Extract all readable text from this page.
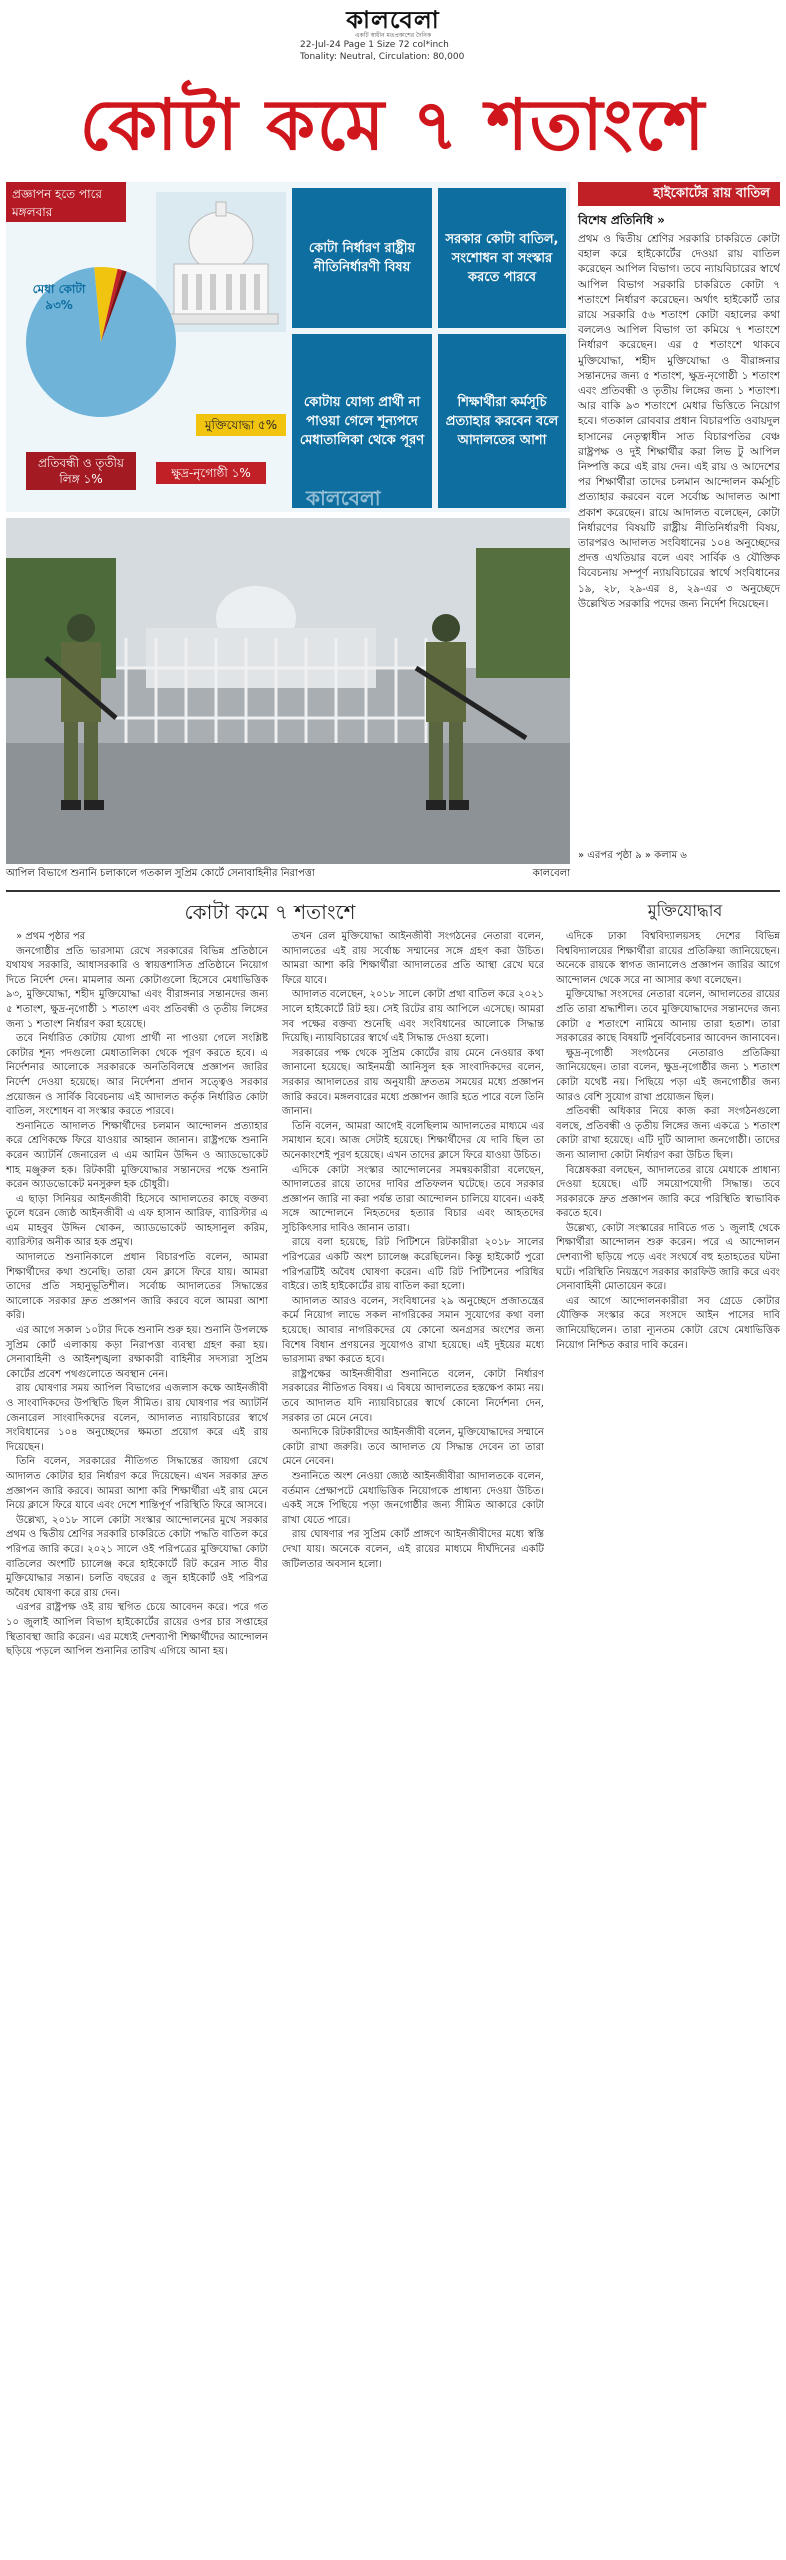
কালবেলা
একটি স্বাধীন মতপ্রকাশের দৈনিক
22-Jul-24 Page 1 Size 72 col*inch
Tonality: Neutral, Circulation: 80,000
কোটা কমে ৭ শতাংশে
প্রজ্ঞাপন হতে পারে মঙ্গলবার
কোটা নির্ধারণ রাষ্ট্রীয় নীতিনির্ধারণী বিষয়
সরকার কোটা বাতিল, সংশোধন বা সংস্কার করতে পারবে
কোটায় যোগ্য প্রার্থী না পাওয়া গেলে শূন্যপদে মেধাতালিকা থেকে পূরণ
শিক্ষার্থীরা কর্মসূচি প্রত্যাহার করবেন বলে আদালতের আশা
মেধা কোটা ৯৩%
মুক্তিযোদ্ধা ৫%
প্রতিবন্ধী ও তৃতীয় লিঙ্গ ১%	ক্ষুদ্র-নৃগোষ্ঠী ১%
কালবেলা
হাইকোর্টের রায় বাতিল
বিশেষ প্রতিনিধি »
প্রথম ও দ্বিতীয় শ্রেণির সরকারি চাকরিতে কোটা বহাল করে হাইকোর্টের দেওয়া রায় বাতিল করেছেন আপিল বিভাগ। তবে ন্যায়বিচারের স্বার্থে আপিল বিভাগ সরকারি চাকরিতে কোটা ৭ শতাংশে নির্ধারণ করেছেন। অর্থাৎ হাইকোর্ট তার রায়ে সরকারি ৫৬ শতাংশ কোটা বহালের কথা বললেও আপিল বিভাগ তা কমিয়ে ৭ শতাংশে নির্ধারণ করেছেন। এর ৫ শতাংশে থাকবে মুক্তিযোদ্ধা, শহীদ মুক্তিযোদ্ধা ও বীরাঙ্গনার সন্তানদের জন্য ৫ শতাংশ, ক্ষুদ্র-নৃগোষ্ঠী ১ শতাংশ এবং প্রতিবন্ধী ও তৃতীয় লিঙ্গের জন্য ১ শতাংশ। আর বাকি ৯৩ শতাংশে মেধার ভিত্তিতে নিয়োগ হবে। গতকাল রোববার প্রধান বিচারপতি ওবায়দুল হাসানের নেতৃত্বাধীন সাত বিচারপতির বেঞ্চ রাষ্ট্রপক্ষ ও দুই শিক্ষার্থীর করা লিভ টু আপিল নিষ্পত্তি করে এই রায় দেন। এই রায় ও আদেশের পর শিক্ষার্থীরা তাদের চলমান আন্দোলন কর্মসূচি প্রত্যাহার করবেন বলে সর্বোচ্চ আদালত আশা প্রকাশ করেছেন। রায়ে আদালত বলেছেন, কোটা নির্ধারণের বিষয়টি রাষ্ট্রীয় নীতিনির্ধারণী বিষয়, তারপরও আদালত সংবিধানের ১০৪ অনুচ্ছেদের প্রদত্ত এখতিয়ার বলে এবং সার্বিক ও যৌক্তিক বিবেচনায় সম্পূর্ণ ন্যায়বিচারের স্বার্থে সংবিধানের ১৯, ২৮, ২৯-এর ৪, ২৯-এর ৩ অনুচ্ছেদে উল্লেখিত সরকারি পদের জন্য নির্দেশ দিয়েছেন।
» এরপর পৃষ্ঠা ৯ » কলাম ৬
আপিল বিভাগে শুনানি চলাকালে গতকাল সুপ্রিম কোর্টে সেনাবাহিনীর নিরাপত্তা	কালবেলা
কোটা কমে ৭ শতাংশে	মুক্তিযোদ্ধাব

» প্রথম পৃষ্ঠার পর

জনগোষ্ঠীর প্রতি ভারসাম্য রেখে সরকারের বিভিন্ন প্রতিষ্ঠানে যথাযথ সরকারি, আধাসরকারি ও স্বায়ত্তশাসিত প্রতিষ্ঠানে নিয়োগ দিতে নির্দেশ দেন। মামলার অন্য কোটাগুলো হিসেবে মেধাভিত্তিক ৯৩, মুক্তিযোদ্ধা, শহীদ মুক্তিযোদ্ধা এবং বীরাঙ্গনার সন্তানদের জন্য ৫ শতাংশ, ক্ষুদ্র-নৃগোষ্ঠী ১ শতাংশ এবং প্রতিবন্ধী ও তৃতীয় লিঙ্গের জন্য ১ শতাংশ নির্ধারণ করা হয়েছে।

তবে নির্ধারিত কোটায় যোগ্য প্রার্থী না পাওয়া গেলে সংশ্লিষ্ট কোটার শূন্য পদগুলো মেধাতালিকা থেকে পূরণ করতে হবে। এ নির্দেশনার আলোকে সরকারকে অনতিবিলম্বে প্রজ্ঞাপন জারির নির্দেশ দেওয়া হয়েছে। আর নির্দেশনা প্রদান সত্ত্বেও সরকার প্রয়োজন ও সার্বিক বিবেচনায় এই আদালত কর্তৃক নির্ধারিত কোটা বাতিল, সংশোধন বা সংস্কার করতে পারবে।

শুনানিতে আদালত শিক্ষার্থীদের চলমান আন্দোলন প্রত্যাহার করে শ্রেণিকক্ষে ফিরে যাওয়ার আহ্বান জানান। রাষ্ট্রপক্ষে শুনানি করেন অ্যাটর্নি জেনারেল এ এম আমিন উদ্দিন ও অ্যাডভোকেট শাহ মঞ্জুরুল হক। রিটকারী মুক্তিযোদ্ধার সন্তানদের পক্ষে শুনানি করেন অ্যাডভোকেট মনসুরুল হক চৌধুরী।

এ ছাড়া সিনিয়র আইনজীবী হিসেবে আদালতের কাছে বক্তব্য তুলে ধরেন জ্যেষ্ঠ আইনজীবী এ এফ হাসান আরিফ, ব্যারিস্টার এ এম মাহবুব উদ্দিন খোকন, অ্যাডভোকেট আহসানুল করিম, ব্যারিস্টার অনীক আর হক প্রমুখ।

আদালতে শুনানিকালে প্রধান বিচারপতি বলেন, আমরা শিক্ষার্থীদের কথা শুনেছি। তারা যেন ক্লাসে ফিরে যায়। আমরা তাদের প্রতি সহানুভূতিশীল। সর্বোচ্চ আদালতের সিদ্ধান্তের আলোকে সরকার দ্রুত প্রজ্ঞাপন জারি করবে বলে আমরা আশা করি।

এর আগে সকাল ১০টার দিকে শুনানি শুরু হয়। শুনানি উপলক্ষে সুপ্রিম কোর্ট এলাকায় কড়া নিরাপত্তা ব্যবস্থা গ্রহণ করা হয়। সেনাবাহিনী ও আইনশৃঙ্খলা রক্ষাকারী বাহিনীর সদস্যরা সুপ্রিম কোর্টের প্রবেশ পথগুলোতে অবস্থান নেন।

রায় ঘোষণার সময় আপিল বিভাগের এজলাস কক্ষে আইনজীবী ও সাংবাদিকদের উপস্থিতি ছিল সীমিত। রায় ঘোষণার পর অ্যাটর্নি জেনারেল সাংবাদিকদের বলেন, আদালত ন্যায়বিচারের স্বার্থে সংবিধানের ১০৪ অনুচ্ছেদের ক্ষমতা প্রয়োগ করে এই রায় দিয়েছেন।

তিনি বলেন, সরকারের নীতিগত সিদ্ধান্তের জায়গা রেখে আদালত কোটার হার নির্ধারণ করে দিয়েছেন। এখন সরকার দ্রুত প্রজ্ঞাপন জারি করবে। আমরা আশা করি শিক্ষার্থীরা এই রায় মেনে নিয়ে ক্লাসে ফিরে যাবে এবং দেশে শান্তিপূর্ণ পরিস্থিতি ফিরে আসবে।

উল্লেখ্য, ২০১৮ সালে কোটা সংস্কার আন্দোলনের মুখে সরকার প্রথম ও দ্বিতীয় শ্রেণির সরকারি চাকরিতে কোটা পদ্ধতি বাতিল করে পরিপত্র জারি করে। ২০২১ সালে ওই পরিপত্রের মুক্তিযোদ্ধা কোটা বাতিলের অংশটি চ্যালেঞ্জ করে হাইকোর্টে রিট করেন সাত বীর মুক্তিযোদ্ধার সন্তান। চলতি বছরের ৫ জুন হাইকোর্ট ওই পরিপত্র অবৈধ ঘোষণা করে রায় দেন।

এরপর রাষ্ট্রপক্ষ ওই রায় স্থগিত চেয়ে আবেদন করে। পরে গত ১০ জুলাই আপিল বিভাগ হাইকোর্টের রায়ের ওপর চার সপ্তাহের স্থিতাবস্থা জারি করেন। এর মধ্যেই দেশব্যাপী শিক্ষার্থীদের আন্দোলন ছড়িয়ে পড়লে আপিল শুনানির তারিখ এগিয়ে আনা হয়।

তখন রেল মুক্তিযোদ্ধা আইনজীবী সংগঠনের নেতারা বলেন, আদালতের এই রায় সর্বোচ্চ সম্মানের সঙ্গে গ্রহণ করা উচিত। আমরা আশা করি শিক্ষার্থীরা আদালতের প্রতি আস্থা রেখে ঘরে ফিরে যাবে।

আদালত বলেছেন, ২০১৮ সালে কোটা প্রথা বাতিল করে ২০২১ সালে হাইকোর্টে রিট হয়। সেই রিটের রায় আপিলে এসেছে। আমরা সব পক্ষের বক্তব্য শুনেছি এবং সংবিধানের আলোকে সিদ্ধান্ত দিয়েছি। ন্যায়বিচারের স্বার্থে এই সিদ্ধান্ত দেওয়া হলো।

সরকারের পক্ষ থেকে সুপ্রিম কোর্টের রায় মেনে নেওয়ার কথা জানানো হয়েছে। আইনমন্ত্রী আনিসুল হক সাংবাদিকদের বলেন, সরকার আদালতের রায় অনুযায়ী দ্রুততম সময়ের মধ্যে প্রজ্ঞাপন জারি করবে। মঙ্গলবারের মধ্যে প্রজ্ঞাপন জারি হতে পারে বলে তিনি জানান।

তিনি বলেন, আমরা আগেই বলেছিলাম আদালতের মাধ্যমে এর সমাধান হবে। আজ সেটাই হয়েছে। শিক্ষার্থীদের যে দাবি ছিল তা অনেকাংশেই পূরণ হয়েছে। এখন তাদের ক্লাসে ফিরে যাওয়া উচিত।

এদিকে কোটা সংস্কার আন্দোলনের সমন্বয়কারীরা বলেছেন, আদালতের রায়ে তাদের দাবির প্রতিফলন ঘটেছে। তবে সরকার প্রজ্ঞাপন জারি না করা পর্যন্ত তারা আন্দোলন চালিয়ে যাবেন। একই সঙ্গে আন্দোলনে নিহতদের হত্যার বিচার এবং আহতদের সুচিকিৎসার দাবিও জানান তারা।

রায়ে বলা হয়েছে, রিট পিটিশনে রিটকারীরা ২০১৮ সালের পরিপত্রের একটি অংশ চ্যালেঞ্জ করেছিলেন। কিন্তু হাইকোর্ট পুরো পরিপত্রটিই অবৈধ ঘোষণা করেন। এটি রিট পিটিশনের পরিধির বাইরে। তাই হাইকোর্টের রায় বাতিল করা হলো।

আদালত আরও বলেন, সংবিধানের ২৯ অনুচ্ছেদে প্রজাতন্ত্রের কর্মে নিয়োগ লাভে সকল নাগরিকের সমান সুযোগের কথা বলা হয়েছে। আবার নাগরিকদের যে কোনো অনগ্রসর অংশের জন্য বিশেষ বিধান প্রণয়নের সুযোগও রাখা হয়েছে। এই দুইয়ের মধ্যে ভারসাম্য রক্ষা করতে হবে।

রাষ্ট্রপক্ষের আইনজীবীরা শুনানিতে বলেন, কোটা নির্ধারণ সরকারের নীতিগত বিষয়। এ বিষয়ে আদালতের হস্তক্ষেপ কাম্য নয়। তবে আদালত যদি ন্যায়বিচারের স্বার্থে কোনো নির্দেশনা দেন, সরকার তা মেনে নেবে।

অন্যদিকে রিটকারীদের আইনজীবী বলেন, মুক্তিযোদ্ধাদের সম্মানে কোটা রাখা জরুরি। তবে আদালত যে সিদ্ধান্ত দেবেন তা তারা মেনে নেবেন।

শুনানিতে অংশ নেওয়া জ্যেষ্ঠ আইনজীবীরা আদালতকে বলেন, বর্তমান প্রেক্ষাপটে মেধাভিত্তিক নিয়োগকে প্রাধান্য দেওয়া উচিত। একই সঙ্গে পিছিয়ে পড়া জনগোষ্ঠীর জন্য সীমিত আকারে কোটা রাখা যেতে পারে।

রায় ঘোষণার পর সুপ্রিম কোর্ট প্রাঙ্গণে আইনজীবীদের মধ্যে স্বস্তি দেখা যায়। অনেকে বলেন, এই রায়ের মাধ্যমে দীর্ঘদিনের একটি জটিলতার অবসান হলো।

এদিকে ঢাকা বিশ্ববিদ্যালয়সহ দেশের বিভিন্ন বিশ্ববিদ্যালয়ের শিক্ষার্থীরা রায়ের প্রতিক্রিয়া জানিয়েছেন। অনেকে রায়কে স্বাগত জানালেও প্রজ্ঞাপন জারির আগে আন্দোলন থেকে সরে না আসার কথা বলেছেন।

মুক্তিযোদ্ধা সংসদের নেতারা বলেন, আদালতের রায়ের প্রতি তারা শ্রদ্ধাশীল। তবে মুক্তিযোদ্ধাদের সন্তানদের জন্য কোটা ৫ শতাংশে নামিয়ে আনায় তারা হতাশ। তারা সরকারের কাছে বিষয়টি পুনর্বিবেচনার আবেদন জানাবেন।

ক্ষুদ্র-নৃগোষ্ঠী সংগঠনের নেতারাও প্রতিক্রিয়া জানিয়েছেন। তারা বলেন, ক্ষুদ্র-নৃগোষ্ঠীর জন্য ১ শতাংশ কোটা যথেষ্ট নয়। পিছিয়ে পড়া এই জনগোষ্ঠীর জন্য আরও বেশি সুযোগ রাখা প্রয়োজন ছিল।

প্রতিবন্ধী অধিকার নিয়ে কাজ করা সংগঠনগুলো বলছে, প্রতিবন্ধী ও তৃতীয় লিঙ্গের জন্য একত্রে ১ শতাংশ কোটা রাখা হয়েছে। এটি দুটি আলাদা জনগোষ্ঠী। তাদের জন্য আলাদা কোটা নির্ধারণ করা উচিত ছিল।

বিশ্লেষকরা বলছেন, আদালতের রায়ে মেধাকে প্রাধান্য দেওয়া হয়েছে। এটি সময়োপযোগী সিদ্ধান্ত। তবে সরকারকে দ্রুত প্রজ্ঞাপন জারি করে পরিস্থিতি স্বাভাবিক করতে হবে।

উল্লেখ্য, কোটা সংস্কারের দাবিতে গত ১ জুলাই থেকে শিক্ষার্থীরা আন্দোলন শুরু করেন। পরে এ আন্দোলন দেশব্যাপী ছড়িয়ে পড়ে এবং সংঘর্ষে বহু হতাহতের ঘটনা ঘটে। পরিস্থিতি নিয়ন্ত্রণে সরকার কারফিউ জারি করে এবং সেনাবাহিনী মোতায়েন করে।

এর আগে আন্দোলনকারীরা সব গ্রেডে কোটার যৌক্তিক সংস্কার করে সংসদে আইন পাসের দাবি জানিয়েছিলেন। তারা ন্যূনতম কোটা রেখে মেধাভিত্তিক নিয়োগ নিশ্চিত করার দাবি করেন।
